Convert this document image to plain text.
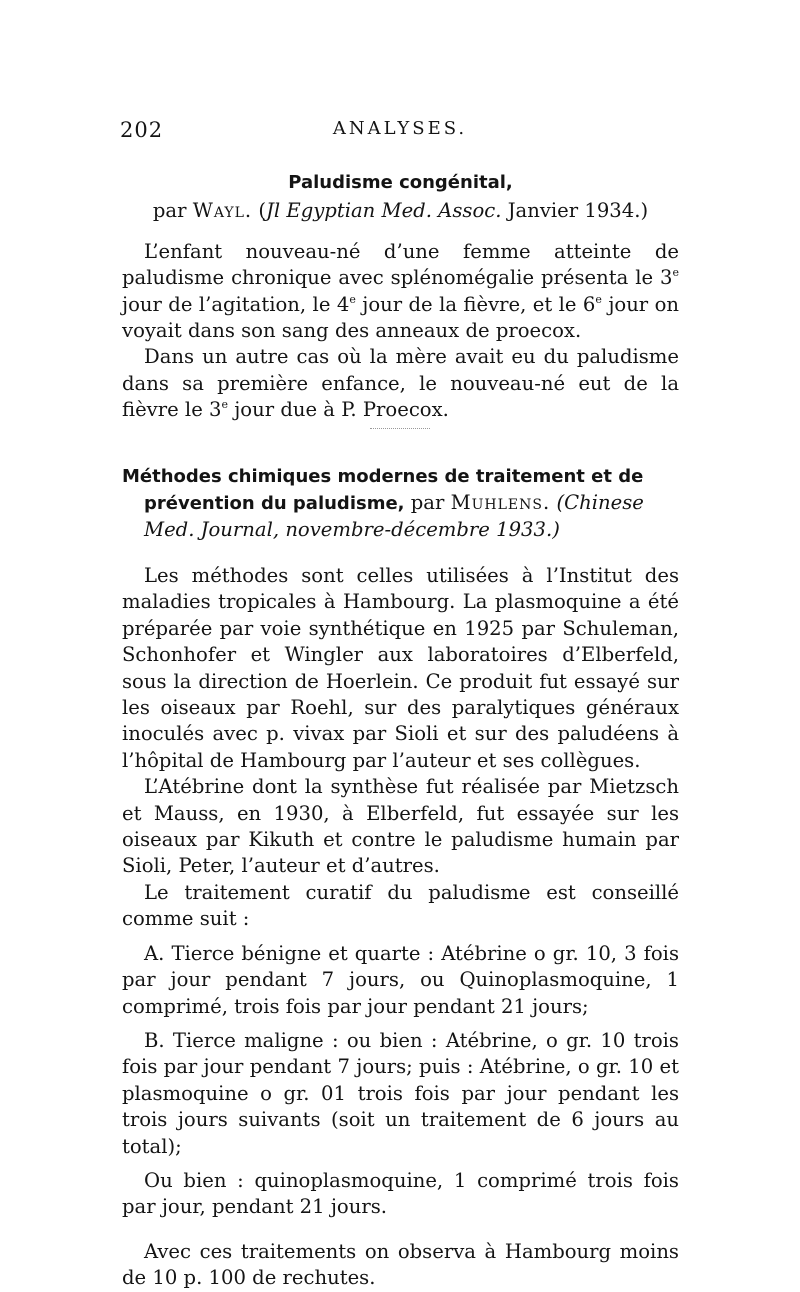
202	ANALYSES.
Paludisme congénital,
par Wayl. (Jl Egyptian Med. Assoc. Janvier 1934.)

L’enfant nouveau-né d’une femme atteinte de paludisme chronique avec splénomégalie présenta le 3e jour de l’agitation, le 4e jour de la fièvre, et le 6e jour on voyait dans son sang des anneaux de proecox.

Dans un autre cas où la mère avait eu du paludisme dans sa première enfance, le nouveau-né eut de la fièvre le 3e jour due à P. Proecox.

Méthodes chimiques modernes de traitement et de prévention du paludisme, par Muhlens. (Chinese Med. Journal, novembre-décembre 1933.)

Les méthodes sont celles utilisées à l’Institut des maladies tropicales à Hambourg. La plasmoquine a été préparée par voie synthétique en 1925 par Schuleman, Schonhofer et Wingler aux laboratoires d’Elberfeld, sous la direction de Hoerlein. Ce produit fut essayé sur les oiseaux par Roehl, sur des paralytiques généraux inoculés avec p. vivax par Sioli et sur des paludéens à l’hôpital de Hambourg par l’auteur et ses collègues.

L’Atébrine dont la synthèse fut réalisée par Mietzsch et Mauss, en 1930, à Elberfeld, fut essayée sur les oiseaux par Kikuth et contre le paludisme humain par Sioli, Peter, l’auteur et d’autres.

Le traitement curatif du paludisme est conseillé comme suit :

A. Tierce bénigne et quarte : Atébrine o gr. 10, 3 fois par jour pendant 7 jours, ou Quinoplasmoquine, 1 comprimé, trois fois par jour pendant 21 jours;

B. Tierce maligne : ou bien : Atébrine, o gr. 10 trois fois par jour pendant 7 jours; puis : Atébrine, o gr. 10 et plasmoquine o gr. 01 trois fois par jour pendant les trois jours suivants (soit un traitement de 6 jours au total);

Ou bien : quinoplasmoquine, 1 comprimé trois fois par jour, pendant 21 jours.

Avec ces traitements on observa à Hambourg moins de 10 p. 100 de rechutes.
